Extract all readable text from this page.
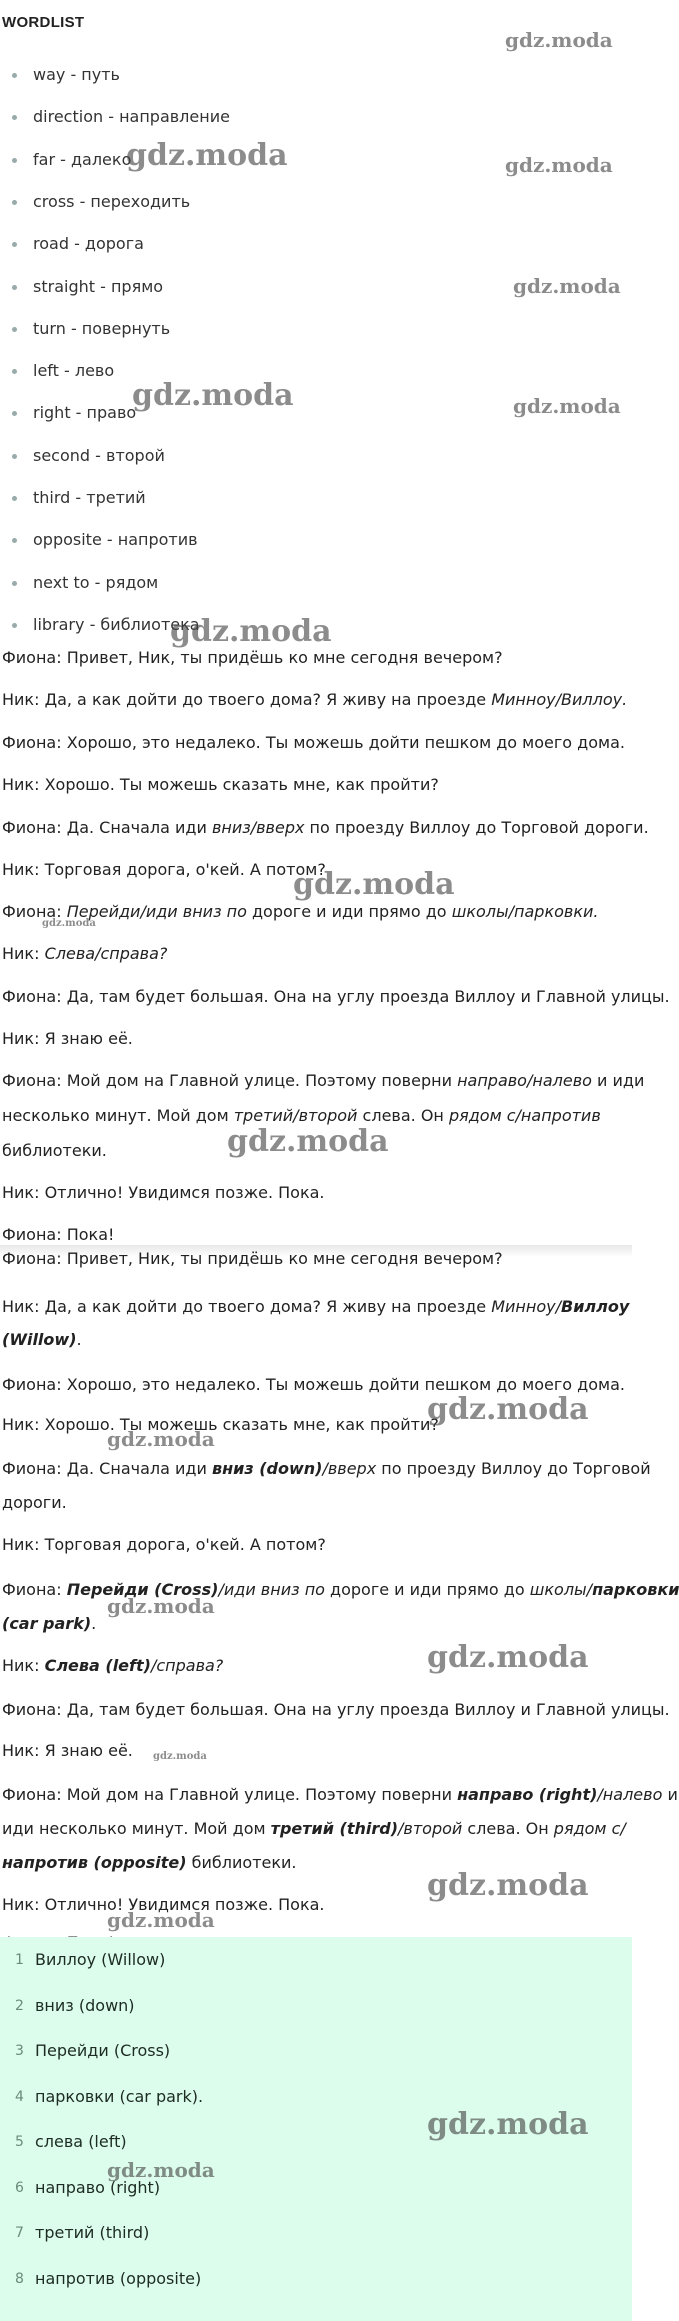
WORDLIST
way - путь
direction - направление
far - далеко
cross - переходить
road - дорога
straight - прямо
turn - повернуть
left - лево
right - право
second - второй
third - третий
opposite - напротив
next to - рядом
library - библиотека
Фиона: Привет, Ник, ты придёшь ко мне сегодня вечером?
Ник: Да, а как дойти до твоего дома? Я живу на проезде Минноу/Виллоу.
Фиона: Хорошо, это недалеко. Ты можешь дойти пешком до моего дома.
Ник: Хорошо. Ты можешь сказать мне, как пройти?
Фиона: Да. Сначала иди вниз/вверх по проезду Виллоу до Торговой дороги.
Ник: Торговая дорога, о'кей. А потом?
Фиона: Перейди/иди вниз по дороге и иди прямо до школы/парковки.
Ник: Слева/справа?
Фиона: Да, там будет большая. Она на углу проезда Виллоу и Главной улицы.
Ник: Я знаю её.
Фиона: Мой дом на Главной улице. Поэтому поверни направо/налево и иди
несколько минут. Мой дом третий/второй слева. Он рядом с/напротив
библиотеки.
Ник: Отлично! Увидимся позже. Пока.
Фиона: Пока!
Фиона: Привет, Ник, ты придёшь ко мне сегодня вечером?
Ник: Да, а как дойти до твоего дома? Я живу на проезде Минноу/Виллоу
(Willow).
Фиона: Хорошо, это недалеко. Ты можешь дойти пешком до моего дома.
Ник: Хорошо. Ты можешь сказать мне, как пройти?
Фиона: Да. Сначала иди вниз (down)/вверх по проезду Виллоу до Торговой
дороги.
Ник: Торговая дорога, о'кей. А потом?
Фиона: Перейди (Cross)/иди вниз по дороге и иди прямо до школы/парковки
(car park).
Ник: Слева (left)/справа?
Фиона: Да, там будет большая. Она на углу проезда Виллоу и Главной улицы.
Ник: Я знаю её.
Фиона: Мой дом на Главной улице. Поэтому поверни направо (right)/налево и
иди несколько минут. Мой дом третий (third)/второй слева. Он рядом с/
напротив (opposite) библиотеки.
Ник: Отлично! Увидимся позже. Пока.
1 Виллоу (Willow)
2 вниз (down)
3 Перейди (Cross)
4 парковки (car park).
5 слева (left)
6 направо (right)
7 третий (third)
8 напротив (opposite)
gdz.moda
gdz.moda	gdz.moda
gdz.moda
gdz.moda	gdz.moda
gdz.moda
gdz.moda
gdz.moda
gdz.moda
gdz.moda
gdz.moda
gdz.moda
gdz.moda
gdz.moda
gdz.moda
gdz.moda
gdz.moda
gdz.moda
